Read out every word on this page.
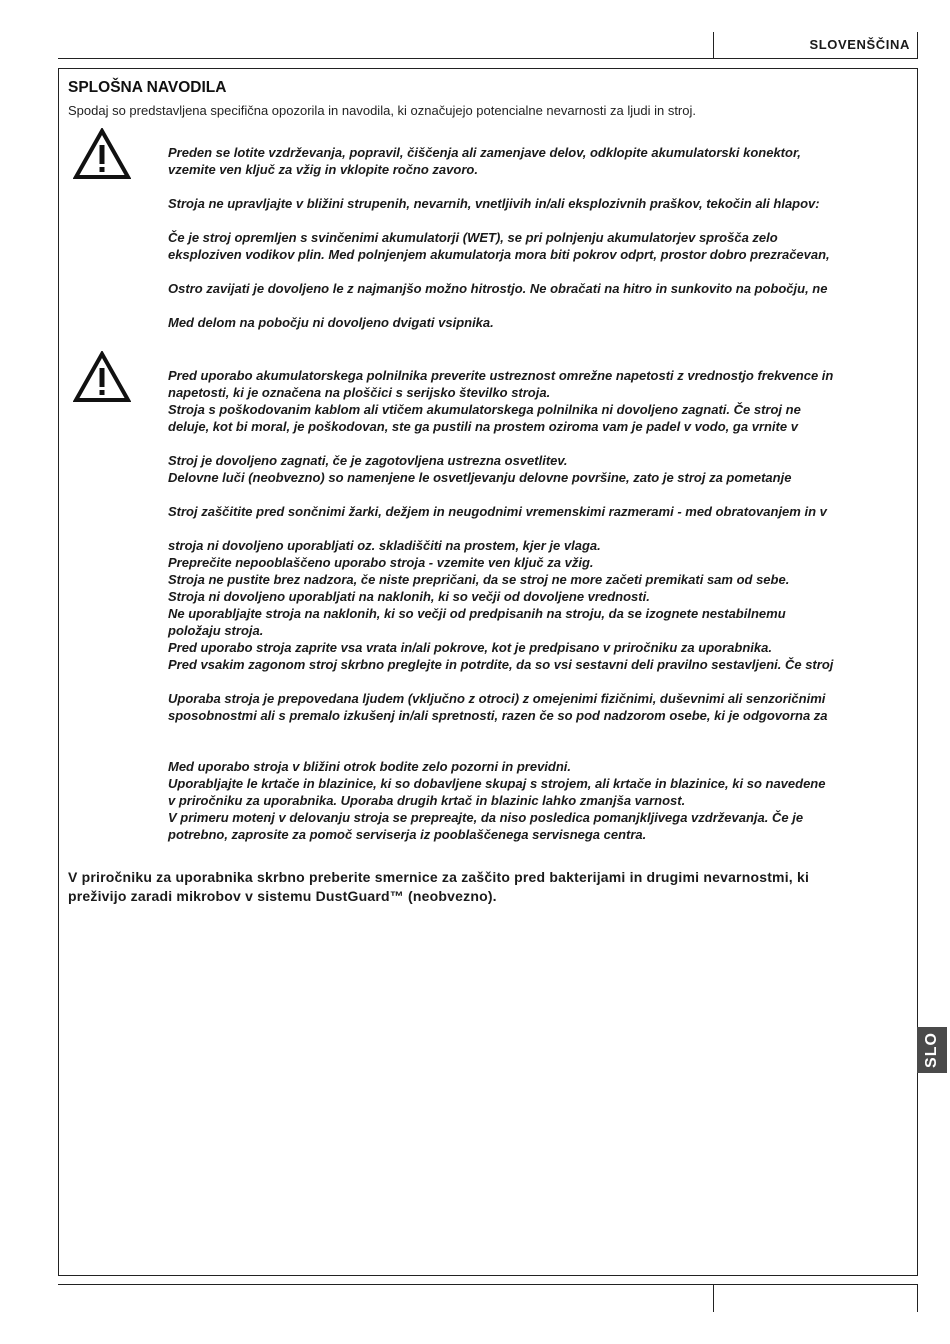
SLOVENŠČINA
SPLOŠNA NAVODILA
Spodaj so predstavljena specifična opozorila in navodila, ki označujejo potencialne nevarnosti za ljudi in stroj.

Preden se lotite vzdrževanja, popravil, čiščenja ali zamenjave delov, odklopite akumulatorski konektor,
vzemite ven ključ za vžig in vklopite ročno zavoro.

Stroja ne upravljajte v bližini strupenih, nevarnih, vnetljivih in/ali eksplozivnih praškov, tekočin ali hlapov:

Če je stroj opremljen s svinčenimi akumulatorji (WET), se pri polnjenju akumulatorjev sprošča zelo
eksploziven vodikov plin. Med polnjenjem akumulatorja mora biti pokrov odprt, prostor dobro prezračevan,

Ostro zavijati je dovoljeno le z najmanjšo možno hitrostjo. Ne obračati na hitro in sunkovito na pobočju, ne

Med delom na pobočju ni dovoljeno dvigati vsipnika.

Pred uporabo akumulatorskega polnilnika preverite ustreznost omrežne napetosti z vrednostjo frekvence in
napetosti, ki je označena na ploščici s serijsko številko stroja.
Stroja s poškodovanim kablom ali vtičem akumulatorskega polnilnika ni dovoljeno zagnati. Če stroj ne
deluje, kot bi moral, je poškodovan, ste ga pustili na prostem oziroma vam je padel v vodo, ga vrnite v

Stroj je dovoljeno zagnati, če je zagotovljena ustrezna osvetlitev.
Delovne luči (neobvezno) so namenjene le osvetljevanju delovne površine, zato je stroj za pometanje

Stroj zaščitite pred sončnimi žarki, dežjem in neugodnimi vremenskimi razmerami - med obratovanjem in v

stroja ni dovoljeno uporabljati oz. skladiščiti na prostem, kjer je vlaga.
Preprečite nepooblaščeno uporabo stroja - vzemite ven ključ za vžig.
Stroja ne pustite brez nadzora, če niste prepričani, da se stroj ne more začeti premikati sam od sebe.
Stroja ni dovoljeno uporabljati na naklonih, ki so večji od dovoljene vrednosti.
Ne uporabljajte stroja na naklonih, ki so večji od predpisanih na stroju, da se izognete nestabilnemu
položaju stroja.
Pred uporabo stroja zaprite vsa vrata in/ali pokrove, kot je predpisano v priročniku za uporabnika.
Pred vsakim zagonom stroj skrbno preglejte in potrdite, da so vsi sestavni deli pravilno sestavljeni. Če stroj

Uporaba stroja je prepovedana ljudem (vključno z otroci) z omejenimi fizičnimi, duševnimi ali senzoričnimi
sposobnostmi ali s premalo izkušenj in/ali spretnosti, razen če so pod nadzorom osebe, ki je odgovorna za

Med uporabo stroja v bližini otrok bodite zelo pozorni in previdni.
Uporabljajte le krtače in blazinice, ki so dobavljene skupaj s strojem, ali krtače in blazinice, ki so navedene
v priročniku za uporabnika. Uporaba drugih krtač in blazinic lahko zmanjša varnost.
V primeru motenj v delovanju stroja se prepreajte, da niso posledica pomanjkljivega vzdrževanja. Če je
potrebno, zaprosite za pomoč serviserja iz pooblaščenega servisnega centra.

V priročniku za uporabnika skrbno preberite smernice za zaščito pred bakterijami in drugimi nevarnostmi, ki
preživijo zaradi mikrobov v sistemu DustGuard™ (neobvezno).
SLO
